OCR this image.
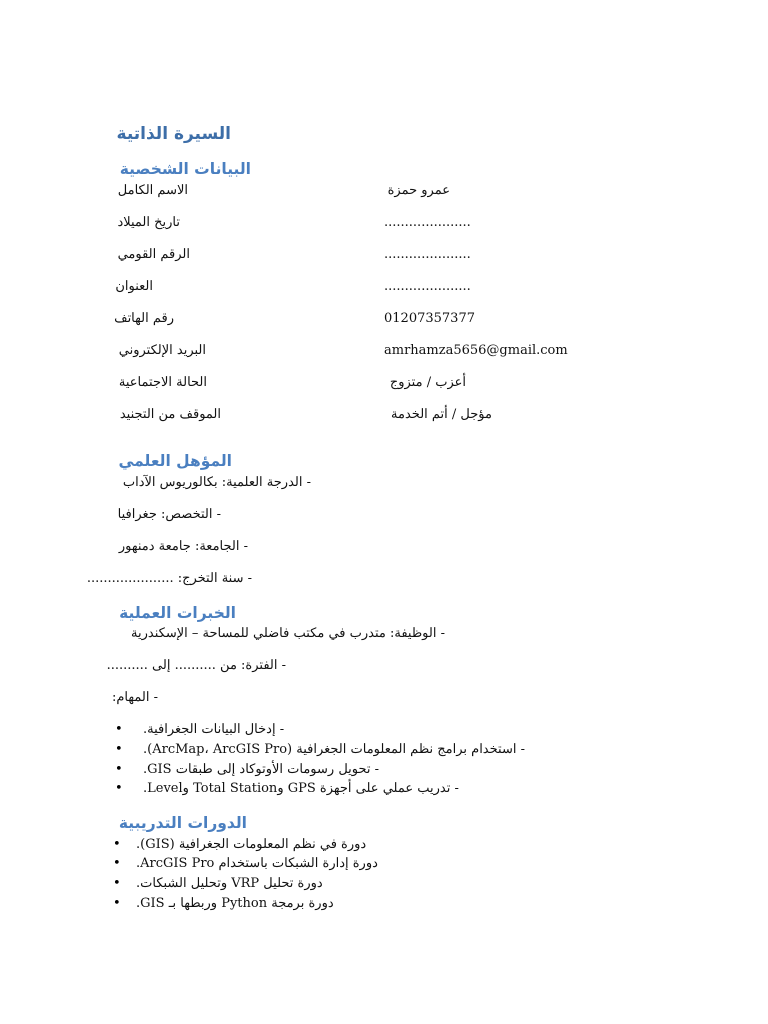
السيرة الذاتية
البيانات الشخصية
الاسم الكامل	عمرو حمزة
تاريخ الميلاد	.....................
الرقم القومي	.....................
العنوان	.....................
رقم الهاتف	01207357377
البريد الإلكتروني	amrhamza5656@gmail.com
الحالة الاجتماعية	أعزب / متزوج
الموقف من التجنيد	مؤجل / أتم الخدمة
المؤهل العلمي
- الدرجة العلمية: بكالوريوس الآداب
- التخصص: جغرافيا
- الجامعة: جامعة دمنهور
- سنة التخرج: .....................
الخبرات العملية
- الوظيفة: متدرب في مكتب فاضلي للمساحة – الإسكندرية
- الفترة: من .......... إلى ..........
- المهام:
• - إدخال البيانات الجغرافية.
• - استخدام برامج نظم المعلومات الجغرافية (ArcMap، ArcGIS Pro).
• - تحويل رسومات الأوتوكاد إلى طبقات GIS.
• - تدريب عملي على أجهزة GPS وTotal Station وLevel.
الدورات التدريبية
• دورة في نظم المعلومات الجغرافية (GIS).
• دورة إدارة الشبكات باستخدام ArcGIS Pro.
• دورة تحليل VRP وتحليل الشبكات.
• دورة برمجة Python وربطها بـ GIS.
